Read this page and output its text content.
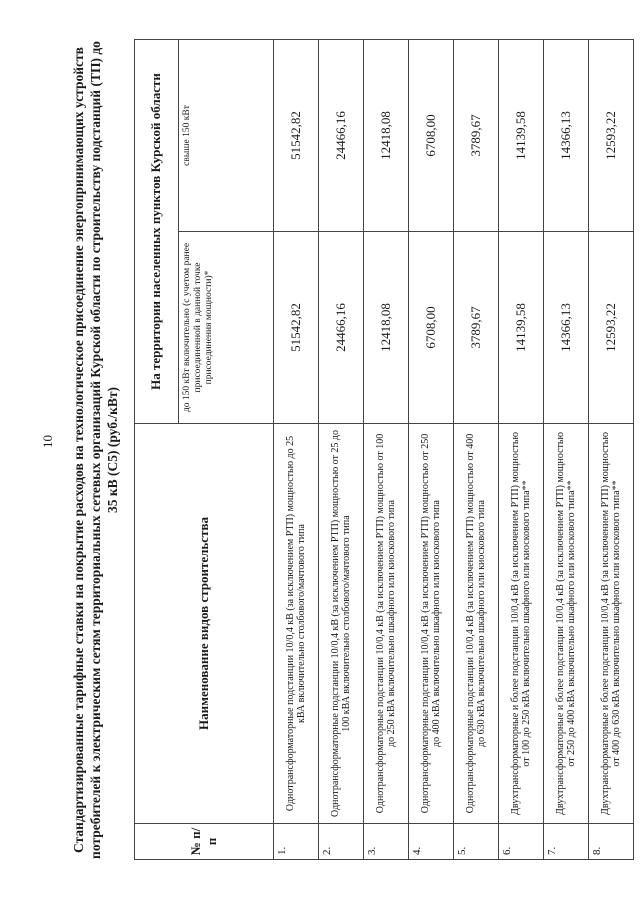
10 Стандартизированные тарифные ставки на покрытие расходов на технологическое присоединение энергопринимающих устройств потребителей к электрическим сетям территориальных сетевых организаций Курской области по строительству подстанций (ТП) до 35 кВ (С5) (руб./кВт)
№ п/п	Наименование видов строительства	На территории населенных пунктов Курской области	
		до 150 кВт включительно (с учетом ранее присоединенной в данной точке присоединения мощности)*	свыше 150 кВт
1.	Однотрансформаторные подстанции 10/0,4 кВ (за исключением РТП) мощностью до 25 кВА включительно столбового/мачтового типа	51542,82	51542,82
2.	Однотрансформаторные подстанции 10/0,4 кВ (за исключением РТП) мощностью от 25 до 100 кВА включительно столбового/мачтового типа	24466,16	24466,16
3.	Однотрансформаторные подстанции 10/0,4 кВ (за исключением РТП) мощностью от 100 до 250 кВА включительно шкафного или киоскового типа	12418,08	12418,08
4.	Однотрансформаторные подстанции 10/0,4 кВ (за исключением РТП) мощностью от 250 до 400 кВА включительно шкафного или киоскового типа	6708,00	6708,00
5.	Однотрансформаторные подстанции 10/0,4 кВ (за исключением РТП) мощностью от 400 до 630 кВА включительно шкафного или киоскового типа	3789,67	3789,67
6.	Двухтрансформаторные и более подстанции 10/0,4 кВ (за исключением РТП) мощностью от 100 до 250 кВА включительно шкафного или киоскового типа**	14139,58	14139,58
7.	Двухтрансформаторные и более подстанции 10/0,4 кВ (за исключением РТП) мощностью от 250 до 400 кВА включительно шкафного или киоскового типа**	14366,13	14366,13
8.	Двухтрансформаторные и более подстанции 10/0,4 кВ (за исключением РТП) мощностью от 400 до 630 кВА включительно шкафного или киоскового типа**	12593,22	12593,22
